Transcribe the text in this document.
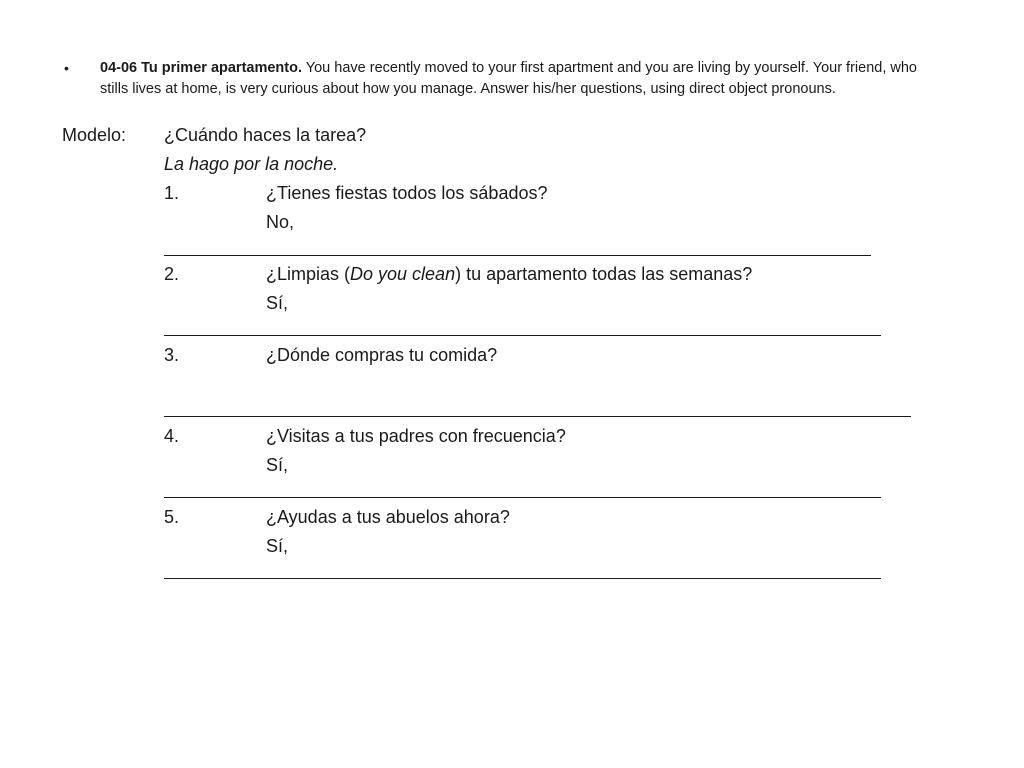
• 04-06 Tu primer apartamento. You have recently moved to your first apartment and you are living by yourself. Your friend, who stills lives at home, is very curious about how you manage. Answer his/her questions, using direct object pronouns.
Modelo: ¿Cuándo haces la tarea?
La hago por la noche.
1.	¿Tienes fiestas todos los sábados?
No,
2.	¿Limpias (Do you clean) tu apartamento todas las semanas?
Sí,
3.	¿Dónde compras tu comida?
4.	¿Visitas a tus padres con frecuencia?
Sí,
5.	¿Ayudas a tus abuelos ahora?
Sí,
